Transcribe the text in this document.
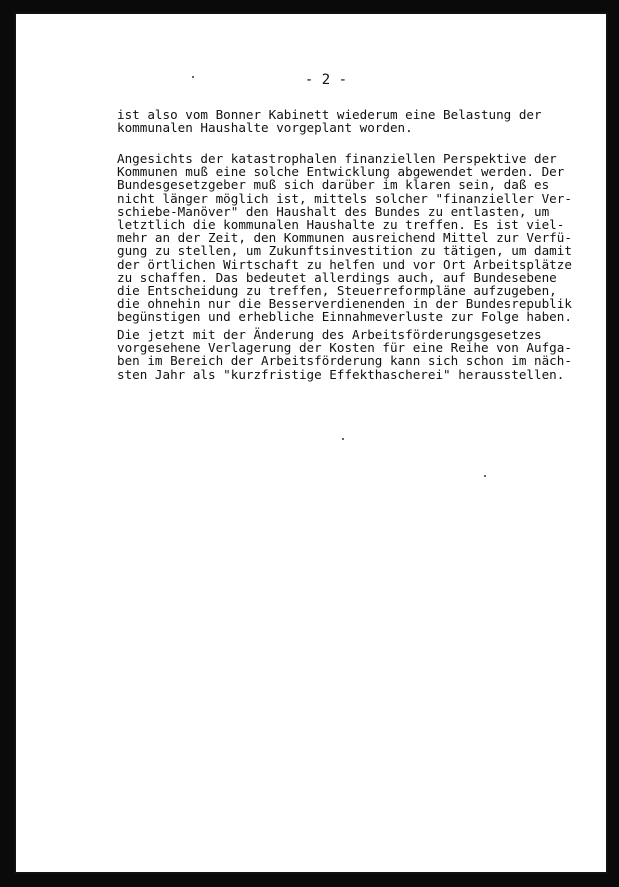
- 2 -
ist also vom Bonner Kabinett wiederum eine Belastung der
kommunalen Haushalte vorgeplant worden.
Angesichts der katastrophalen finanziellen Perspektive der
Kommunen muß eine solche Entwicklung abgewendet werden. Der
Bundesgesetzgeber muß sich darüber im klaren sein, daß es
nicht länger möglich ist, mittels solcher "finanzieller Ver-
schiebe-Manöver" den Haushalt des Bundes zu entlasten, um
letztlich die kommunalen Haushalte zu treffen. Es ist viel-
mehr an der Zeit, den Kommunen ausreichend Mittel zur Verfü-
gung zu stellen, um Zukunftsinvestition zu tätigen, um damit
der örtlichen Wirtschaft zu helfen und vor Ort Arbeitsplätze
zu schaffen. Das bedeutet allerdings auch, auf Bundesebene
die Entscheidung zu treffen, Steuerreformpläne aufzugeben,
die ohnehin nur die Besserverdienenden in der Bundesrepublik
begünstigen und erhebliche Einnahmeverluste zur Folge haben.
Die jetzt mit der Änderung des Arbeitsförderungsgesetzes
vorgesehene Verlagerung der Kosten für eine Reihe von Aufga-
ben im Bereich der Arbeitsförderung kann sich schon im näch-
sten Jahr als "kurzfristige Effekthascherei" herausstellen.
